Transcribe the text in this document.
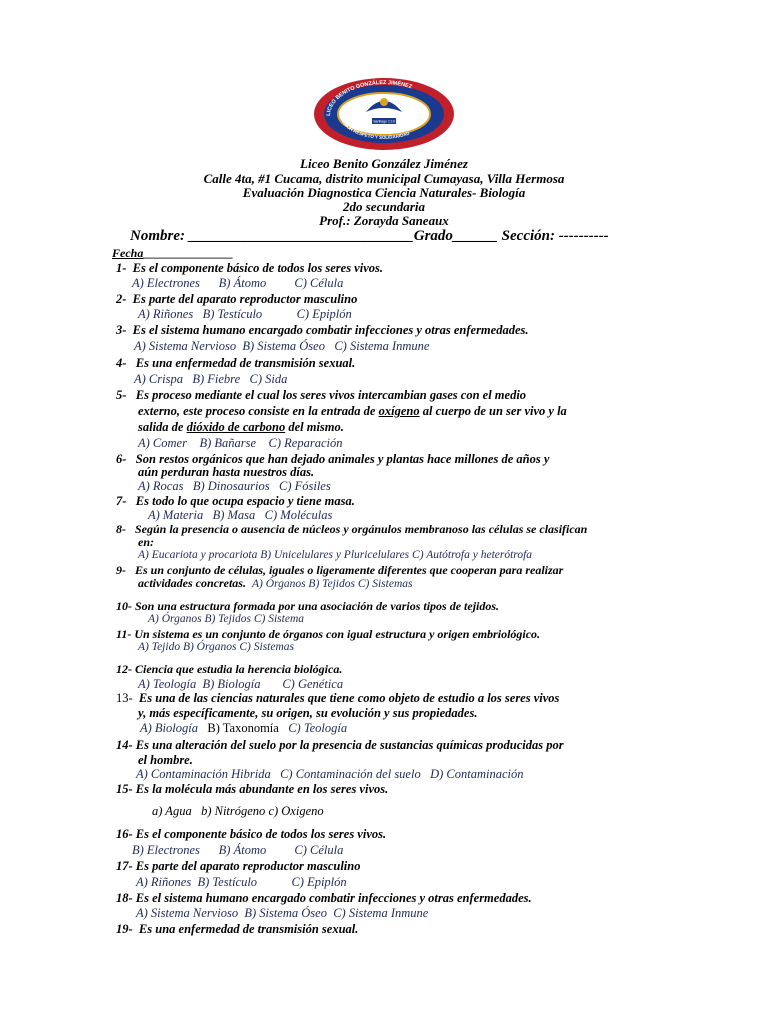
LICEO BENITO GONZÁLEZ JIMÉNEZ
AMOR RESPETO Y SOLIDARIDAD
Santiago 1:10
Liceo Benito González Jiménez
Calle 4ta, #1 Cucama, distrito municipal Cumayasa, Villa Hermosa
Evaluación Diagnostica Ciencia Naturales- Biología
2do secundaria
Prof.: Zorayda Saneaux
Nombre: ______________________________Grado______ Sección: ----------
Fecha_______________
1- Es el componente básico de todos los seres vivos.
A) Electrones B) Átomo C) Célula
2- Es parte del aparato reproductor masculino
A) Riñones B) Testículo	C) Epiplón
3- Es el sistema humano encargado combatir infecciones y otras enfermedades.
A) Sistema Nervioso B) Sistema Óseo C) Sistema Inmune
4- Es una enfermedad de transmisión sexual.
A) Crispa B) Fiebre C) Sida
5- Es proceso mediante el cual los seres vivos intercambian gases con el medio
externo, este proceso consiste en la entrada de oxígeno al cuerpo de un ser vivo y la
salida de dióxido de carbono del mismo.
A) Comer B) Bañarse C) Reparación
6- Son restos orgánicos que han dejado animales y plantas hace millones de años y
aún perduran hasta nuestros días.
A) Rocas B) Dinosaurios C) Fósiles
7- Es todo lo que ocupa espacio y tiene masa.
A) Materia B) Masa C) Moléculas
8- Según la presencia o ausencia de núcleos y orgánulos membranoso las células se clasifican
en:
A) Eucariota y procariota B) Unicelulares y Pluricelulares C) Autótrofa y heterótrofa
9- Es un conjunto de células, iguales o ligeramente diferentes que cooperan para realizar
actividades concretas. A) Órganos B) Tejidos C) Sistemas
10- Son una estructura formada por una asociación de varios tipos de tejidos.
A) Órganos B) Tejidos C) Sistema
11- Un sistema es un conjunto de órganos con igual estructura y origen embriológico.
A) Tejido B) Órganos C) Sistemas
12- Ciencia que estudia la herencia biológica.
A) Teología B) Biología C) Genética
13- Es una de las ciencias naturales que tiene como objeto de estudio a los seres vivos
y, más específicamente, su origen, su evolución y sus propiedades.
A) Biología B) Taxonomía C) Teología
14- Es una alteración del suelo por la presencia de sustancias químicas producidas por
el hombre.
A) Contaminación Hibrida C) Contaminación del suelo D) Contaminación
15- Es la molécula más abundante en los seres vivos.
a) Agua b) Nitrógeno c) Oxigeno
16- Es el componente básico de todos los seres vivos.
B) Electrones B) Átomo C) Célula
17- Es parte del aparato reproductor masculino
A) Riñones B) Testículo	C) Epiplón
18- Es el sistema humano encargado combatir infecciones y otras enfermedades.
A) Sistema Nervioso B) Sistema Óseo C) Sistema Inmune
19- Es una enfermedad de transmisión sexual.
